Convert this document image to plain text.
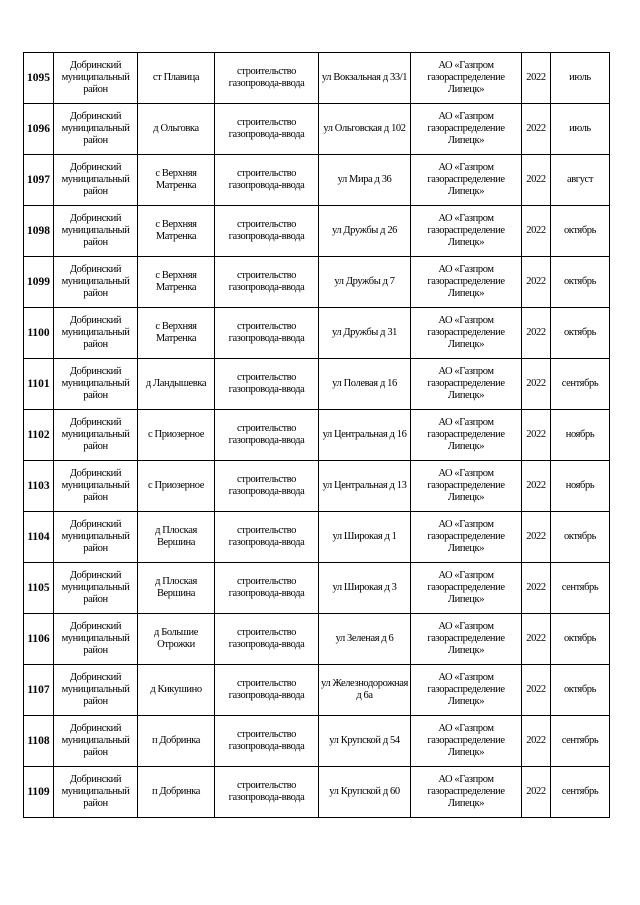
1095	Добринский муниципальный район	ст Плавица	строительство газопровода-ввода	ул Вокзальная д 33/1	АО «Газпром газораспределение Липецк»	2022	июль
1096	Добринский муниципальный район	д Ольговка	строительство газопровода-ввода	ул Ольговская д 102	АО «Газпром газораспределение Липецк»	2022	июль
1097	Добринский муниципальный район	с Верхняя Матренка	строительство газопровода-ввода	ул Мира д 36	АО «Газпром газораспределение Липецк»	2022	август
1098	Добринский муниципальный район	с Верхняя Матренка	строительство газопровода-ввода	ул Дружбы д 26	АО «Газпром газораспределение Липецк»	2022	октябрь
1099	Добринский муниципальный район	с Верхняя Матренка	строительство газопровода-ввода	ул Дружбы д 7	АО «Газпром газораспределение Липецк»	2022	октябрь
1100	Добринский муниципальный район	с Верхняя Матренка	строительство газопровода-ввода	ул Дружбы д 31	АО «Газпром газораспределение Липецк»	2022	октябрь
1101	Добринский муниципальный район	д Ландышевка	строительство газопровода-ввода	ул Полевая д 16	АО «Газпром газораспределение Липецк»	2022	сентябрь
1102	Добринский муниципальный район	с Приозерное	строительство газопровода-ввода	ул Центральная д 16	АО «Газпром газораспределение Липецк»	2022	ноябрь
1103	Добринский муниципальный район	с Приозерное	строительство газопровода-ввода	ул Центральная д 13	АО «Газпром газораспределение Липецк»	2022	ноябрь
1104	Добринский муниципальный район	д Плоская Вершина	строительство газопровода-ввода	ул Широкая д 1	АО «Газпром газораспределение Липецк»	2022	октябрь
1105	Добринский муниципальный район	д Плоская Вершина	строительство газопровода-ввода	ул Широкая д 3	АО «Газпром газораспределение Липецк»	2022	сентябрь
1106	Добринский муниципальный район	д Большие Отрожки	строительство газопровода-ввода	ул Зеленая д 6	АО «Газпром газораспределение Липецк»	2022	октябрь
1107	Добринский муниципальный район	д Кикушино	строительство газопровода-ввода	ул Железнодорожная д 6а	АО «Газпром газораспределение Липецк»	2022	октябрь
1108	Добринский муниципальный район	п Добринка	строительство газопровода-ввода	ул Крупской д 54	АО «Газпром газораспределение Липецк»	2022	сентябрь
1109	Добринский муниципальный район	п Добринка	строительство газопровода-ввода	ул Крупской д 60	АО «Газпром газораспределение Липецк»	2022	сентябрь
